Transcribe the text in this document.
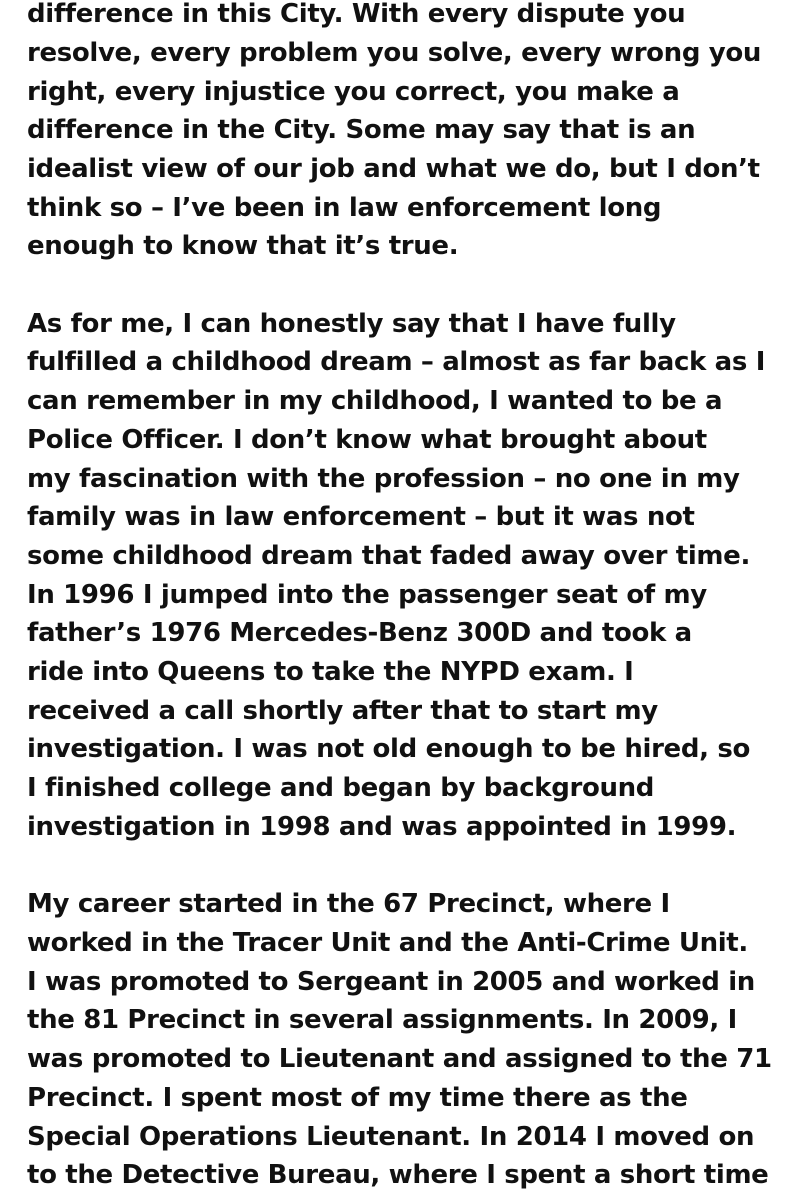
difference in this City. With every dispute you

resolve, every problem you solve, every wrong you

right, every injustice you correct, you make a

difference in the City. Some may say that is an

idealist view of our job and what we do, but I don’t

think so – I’ve been in law enforcement long

enough to know that it’s true.

As for me, I can honestly say that I have fully

fulfilled a childhood dream – almost as far back as I

can remember in my childhood, I wanted to be a

Police Officer. I don’t know what brought about

my fascination with the profession – no one in my

family was in law enforcement – but it was not

some childhood dream that faded away over time.

In 1996 I jumped into the passenger seat of my

father’s 1976 Mercedes-Benz 300D and took a

ride into Queens to take the NYPD exam. I

received a call shortly after that to start my

investigation. I was not old enough to be hired, so

I finished college and began by background

investigation in 1998 and was appointed in 1999.

My career started in the 67 Precinct, where I

worked in the Tracer Unit and the Anti-Crime Unit.

I was promoted to Sergeant in 2005 and worked in

the 81 Precinct in several assignments. In 2009, I

was promoted to Lieutenant and assigned to the 71

Precinct. I spent most of my time there as the

Special Operations Lieutenant. In 2014 I moved on

to the Detective Bureau, where I spent a short time
